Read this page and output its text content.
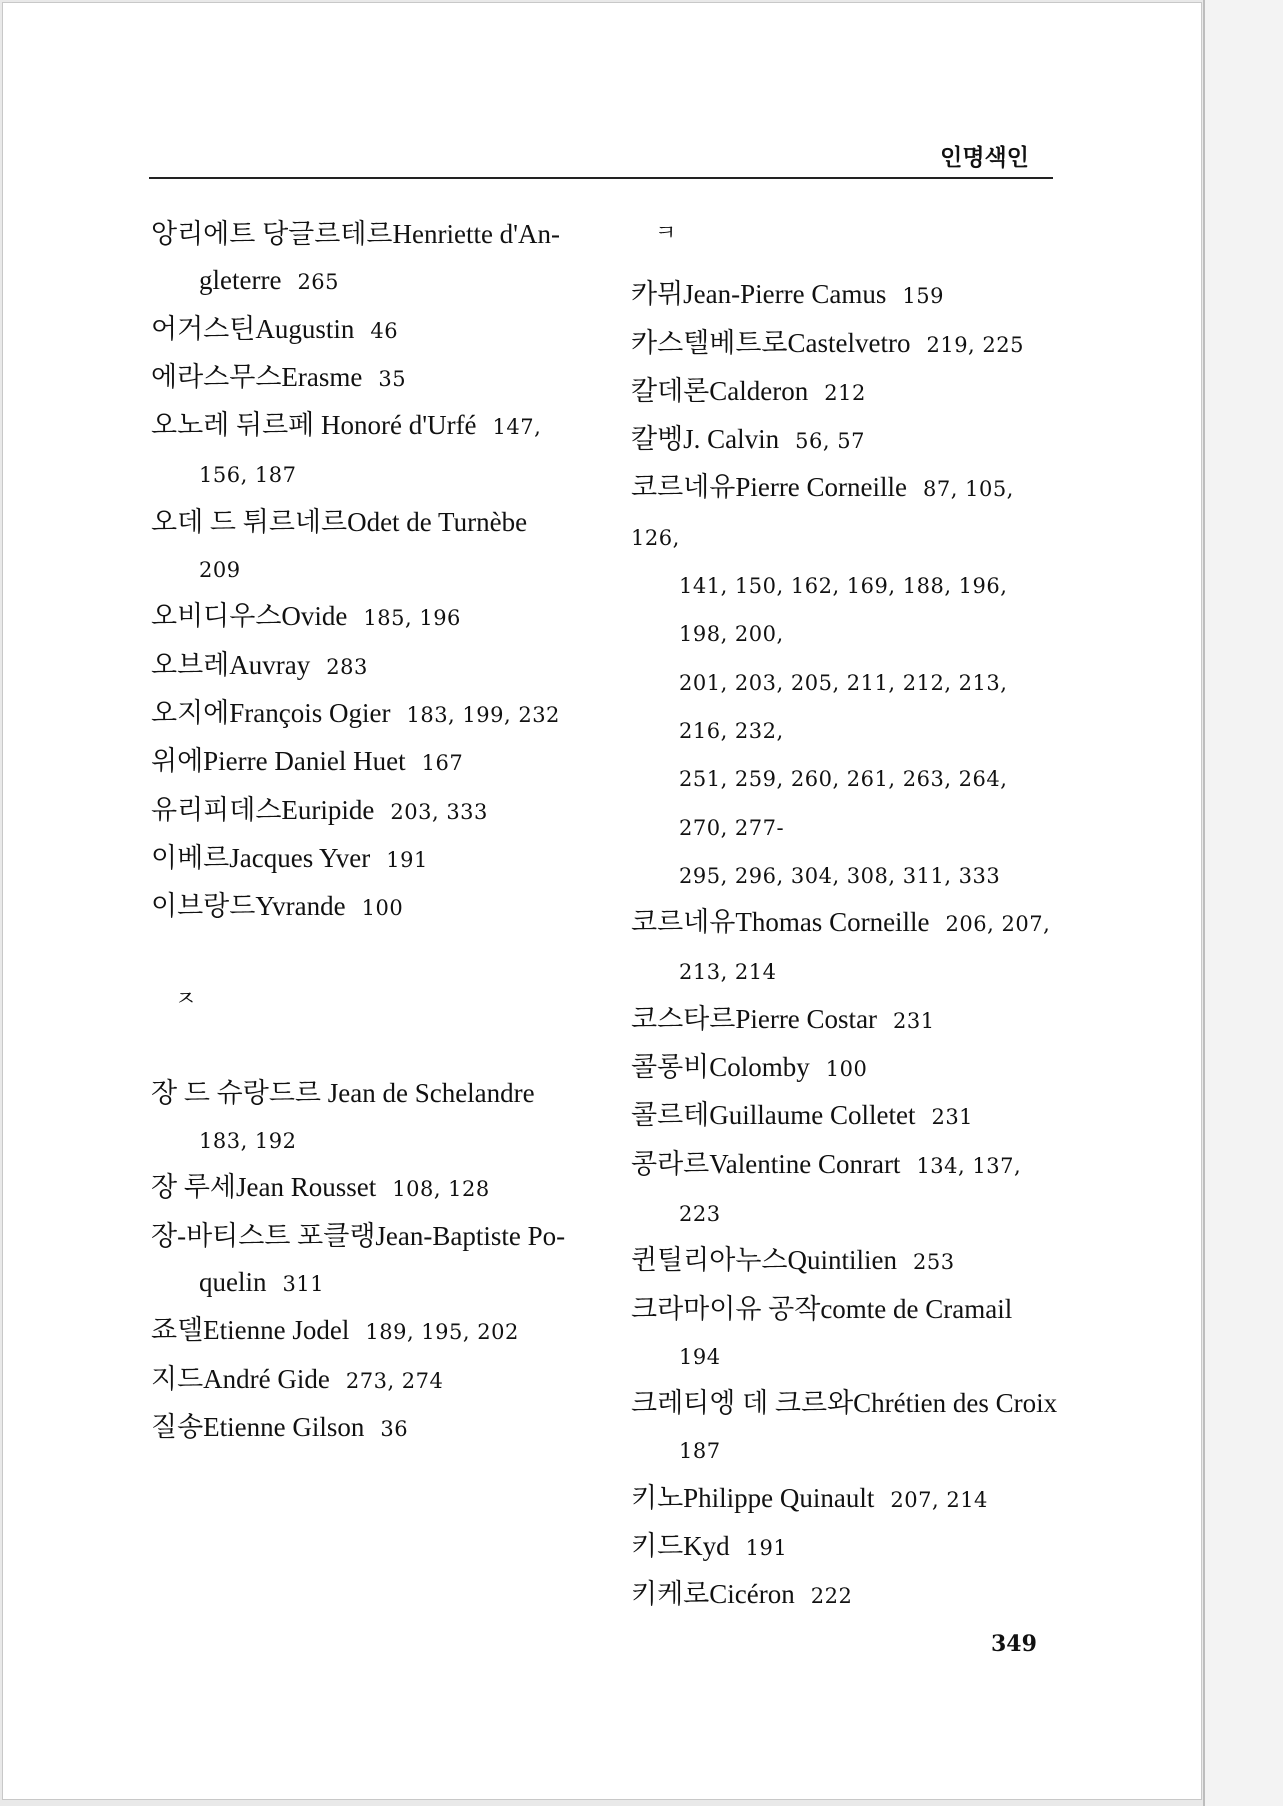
인명색인
앙리에트 당글르테르Henriette d'An-
gleterre 265
어거스틴Augustin 46
에라스무스Erasme 35
오노레 뒤르페 Honoré d'Urfé 147,
156, 187
오데 드 튀르네르Odet de Turnèbe
209
오비디우스Ovide 185, 196
오브레Auvray 283
오지에François Ogier 183, 199, 232
위에Pierre Daniel Huet 167
유리피데스Euripide 203, 333
이베르Jacques Yver 191
이브랑드Yvrande 100
ㅈ
장 드 슈랑드르 Jean de Schelandre
183, 192
장 루세Jean Rousset 108, 128
장-바티스트 포클랭Jean-Baptiste Po-
quelin 311
죠델Etienne Jodel 189, 195, 202
지드André Gide 273, 274
질송Etienne Gilson 36
ㅋ
카뮈Jean-Pierre Camus 159
카스텔베트로Castelvetro 219, 225
칼데론Calderon 212
칼벵J. Calvin 56, 57
코르네유Pierre Corneille 87, 105, 126,
141, 150, 162, 169, 188, 196, 198, 200,
201, 203, 205, 211, 212, 213, 216, 232,
251, 259, 260, 261, 263, 264, 270, 277-
295, 296, 304, 308, 311, 333
코르네유Thomas Corneille 206, 207,
213, 214
코스타르Pierre Costar 231
콜롱비Colomby 100
콜르테Guillaume Colletet 231
콩라르Valentine Conrart 134, 137,
223
퀸틸리아누스Quintilien 253
크라마이유 공작comte de Cramail
194
크레티엥 데 크르와Chrétien des Croix
187
키노Philippe Quinault 207, 214
키드Kyd 191
키케로Cicéron 222
349
